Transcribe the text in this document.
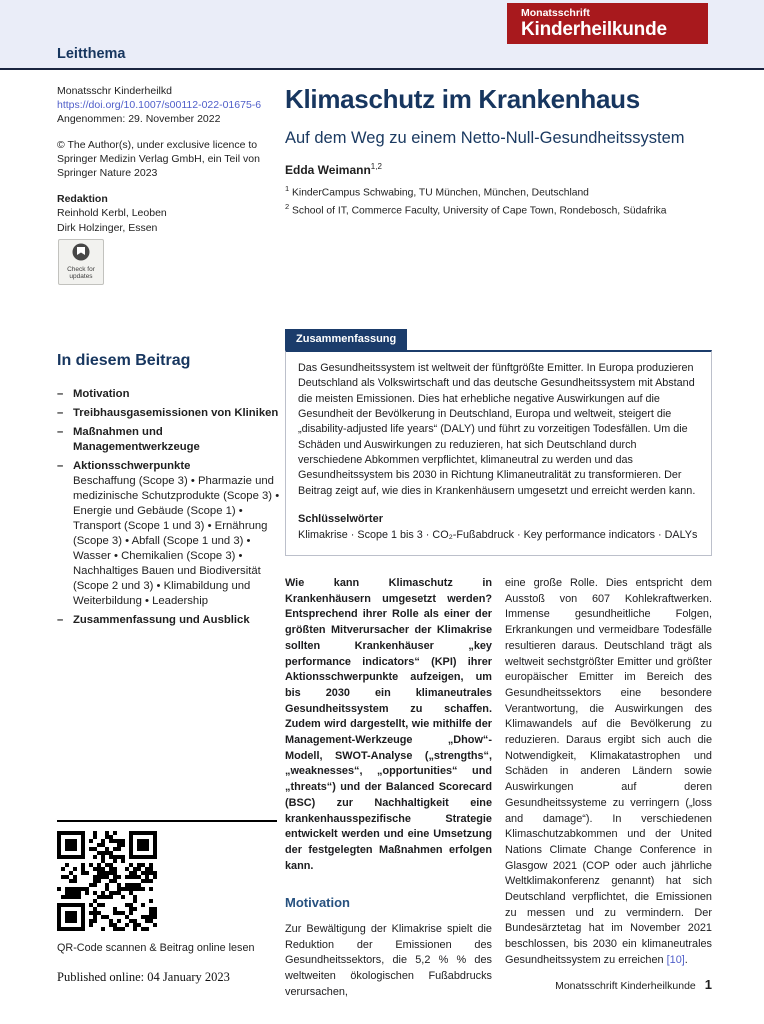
Monatsschrift
Kinderheilkunde
Leitthema
Monatsschr Kinderheilkd
https://doi.org/10.1007/s00112-022-01675-6
Angenommen: 29. November 2022
© The Author(s), under exclusive licence to Springer Medizin Verlag GmbH, ein Teil von Springer Nature 2023
Redaktion
Reinhold Kerbl, Leoben
Dirk Holzinger, Essen
Check for
updates
In diesem Beitrag
– Motivation
– Treibhausgasemissionen von Kliniken
– Maßnahmen und Managementwerkzeuge
– Aktionsschwerpunkte
Beschaffung (Scope 3) • Pharmazie und medizinische Schutzprodukte (Scope 3) • Energie und Gebäude (Scope 1) • Transport (Scope 1 und 3) • Ernährung (Scope 3) • Abfall (Scope 1 und 3) • Wasser • Chemikalien (Scope 3) • Nachhaltiges Bauen und Biodiversität (Scope 2 und 3) • Klimabildung und Weiterbildung • Leadership
– Zusammenfassung und Ausblick
QR-Code scannen & Beitrag online lesen
Klimaschutz im Krankenhaus
Auf dem Weg zu einem Netto-Null-Gesundheitssystem
Edda Weimann$^{1,2}$
$^1$ KinderCampus Schwabing, TU München, München, Deutschland
$^2$ School of IT, Commerce Faculty, University of Cape Town, Rondebosch, Südafrika
Zusammenfassung
Das Gesundheitssystem ist weltweit der fünftgrößte Emitter. In Europa produzieren Deutschland als Volkswirtschaft und das deutsche Gesundheitssystem mit Abstand die meisten Emissionen. Dies hat erhebliche negative Auswirkungen auf die Gesundheit der Bevölkerung in Deutschland, Europa und weltweit, steigert die „disability-adjusted life years“ (DALY) und führt zu vorzeitigen Todesfällen. Um die Schäden und Auswirkungen zu reduzieren, hat sich Deutschland durch verschiedene Abkommen verpflichtet, klimaneutral zu werden und das Gesundheitssystem bis 2030 in Richtung Klimaneutralität zu transformieren. Der Beitrag zeigt auf, wie dies in Krankenhäusern umgesetzt und erreicht werden kann.
Schlüsselwörter
Klimakrise · Scope 1 bis 3 · CO₂-Fußabdruck · Key performance indicators · DALYs
Wie kann Klimaschutz in Krankenhäusern umgesetzt werden? Entsprechend ihrer Rolle als einer der größten Mitverursacher der Klimakrise sollten Krankenhäuser „key performance indicators“ (KPI) ihrer Aktionsschwerpunkte aufzeigen, um bis 2030 ein klimaneutrales Gesundheitssystem zu schaffen. Zudem wird dargestellt, wie mithilfe der Management-Werkzeuge „Dhow“-Modell, SWOT-Analyse („strengths“, „weaknesses“, „opportunities“ und „threats“) und der Balanced Scorecard (BSC) zur Nachhaltigkeit eine krankenhausspezifische Strategie entwickelt werden und eine Umsetzung der festgelegten Maßnahmen erfolgen kann.
Motivation
Zur Bewältigung der Klimakrise spielt die Reduktion der Emissionen des Gesundheitssektors, die 5,2 % % des weltweiten ökologischen Fußabdrucks verursachen,
eine große Rolle. Dies entspricht dem Ausstoß von 607 Kohlekraftwerken. Immense gesundheitliche Folgen, Erkrankungen und vermeidbare Todesfälle resultieren daraus. Deutschland trägt als weltweit sechstgrößter Emitter und größter europäischer Emitter im Bereich des Gesundheitssektors eine besondere Verantwortung, die Auswirkungen des Klimawandels auf die Bevölkerung zu reduzieren. Daraus ergibt sich auch die Notwendigkeit, Klimakatastrophen und Schäden in anderen Ländern sowie Auswirkungen auf deren Gesundheitssysteme zu verringern („loss and damage“). In verschiedenen Klimaschutzabkommen und der United Nations Climate Change Conference in Glasgow 2021 (COP oder auch jährliche Weltklimakonferenz genannt) hat sich Deutschland verpflichtet, die Emissionen zu messen und zu vermindern. Der Bundesärztetag hat im November 2021 beschlossen, bis 2030 ein klimaneutrales Gesundheitssystem zu erreichen [10].
Published online: 04 January 2023
Monatsschrift Kinderheilkunde 1
